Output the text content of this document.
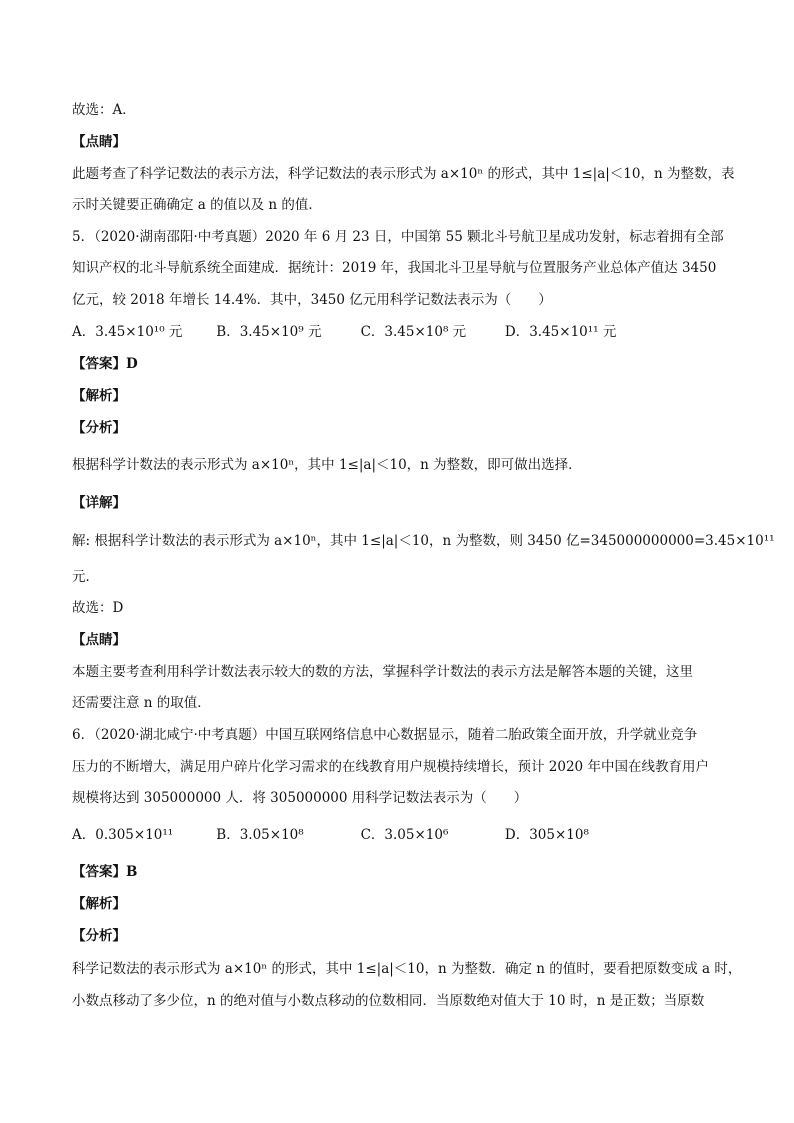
故选：A．
【点睛】
此题考查了科学记数法的表示方法，科学记数法的表示形式为 a×10ⁿ 的形式，其中 1≤|a|＜10，n 为整数，表
示时关键要正确确定 a 的值以及 n 的值．
5．（2020·湖南邵阳·中考真题）2020 年 6 月 23 日，中国第 55 颗北斗号航卫星成功发射，标志着拥有全部
知识产权的北斗导航系统全面建成．据统计：2019 年，我国北斗卫星导航与位置服务产业总体产值达 3450
亿元，较 2018 年增长 14.4%．其中，3450 亿元用科学记数法表示为（　　）
A．3.45×10¹⁰ 元	B．3.45×10⁹ 元	C．3.45×10⁸ 元	D．3.45×10¹¹ 元
【答案】D
【解析】
【分析】
根据科学计数法的表示形式为 a×10ⁿ，其中 1≤|a|＜10，n 为整数，即可做出选择．
【详解】
解: 根据科学计数法的表示形式为 a×10ⁿ，其中 1≤|a|＜10，n 为整数，则 3450 亿=345000000000=3.45×10¹¹
元．
故选：D
【点睛】
本题主要考查利用科学计数法表示较大的数的方法，掌握科学计数法的表示方法是解答本题的关键，这里
还需要注意 n 的取值．
6．（2020·湖北咸宁·中考真题）中国互联网络信息中心数据显示，随着二胎政策全面开放，升学就业竞争
压力的不断增大，满足用户碎片化学习需求的在线教育用户规模持续增长，预计 2020 年中国在线教育用户
规模将达到 305000000 人．将 305000000 用科学记数法表示为（　　）
A．0.305×10¹¹	B．3.05×10⁸	C．3.05×10⁶	D．305×10⁸
【答案】B
【解析】
【分析】
科学记数法的表示形式为 a×10ⁿ 的形式，其中 1≤|a|＜10，n 为整数．确定 n 的值时，要看把原数变成 a 时，
小数点移动了多少位，n 的绝对值与小数点移动的位数相同．当原数绝对值大于 10 时，n 是正数；当原数
